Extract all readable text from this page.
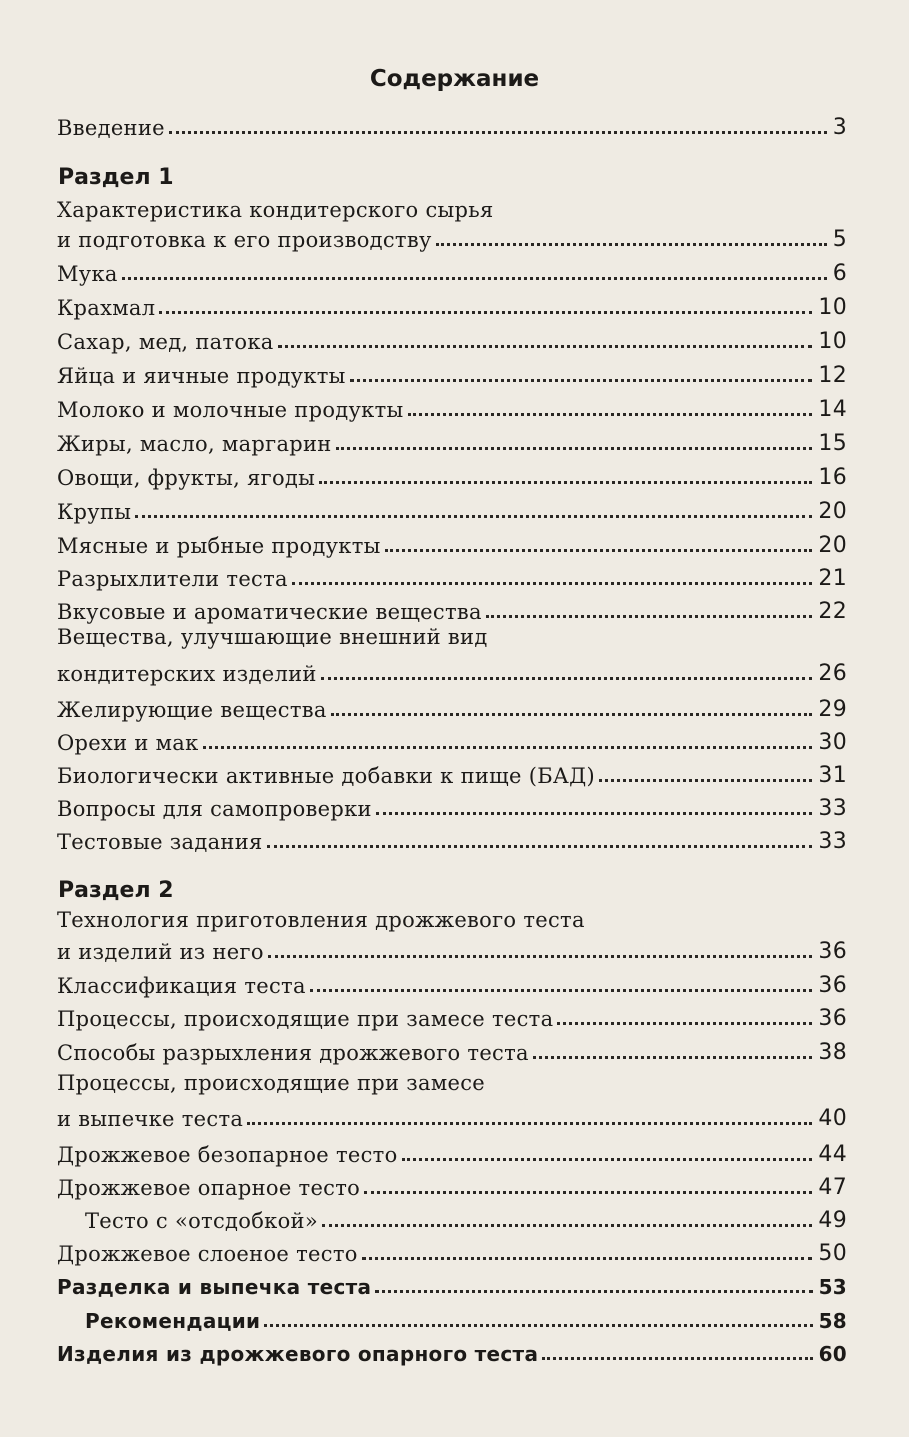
Содержание
Введение	3
Раздел 1
Характеристика кондитерского сырья
и подготовка к его производству	5
Мука	6
Крахмал	10
Сахар, мед, патока	10
Яйца и яичные продукты	12
Молоко и молочные продукты	14
Жиры, масло, маргарин	15
Овощи, фрукты, ягоды	16
Крупы	20
Мясные и рыбные продукты	20
Разрыхлители теста	21
Вкусовые и ароматические вещества	22
Вещества, улучшающие внешний вид
кондитерских изделий	26
Желирующие вещества	29
Орехи и мак	30
Биологически активные добавки к пище (БАД)	31
Вопросы для самопроверки	33
Тестовые задания	33
Раздел 2
Технология приготовления дрожжевого теста
и изделий из него	36
Классификация теста	36
Процессы, происходящие при замесе теста	36
Способы разрыхления дрожжевого теста	38
Процессы, происходящие при замесе
и выпечке теста	40
Дрожжевое безопарное тесто	44
Дрожжевое опарное тесто	47
Тесто с «отсдобкой»	49
Дрожжевое слоеное тесто	50
Разделка и выпечка теста	53
Рекомендации	58
Изделия из дрожжевого опарного теста	60
